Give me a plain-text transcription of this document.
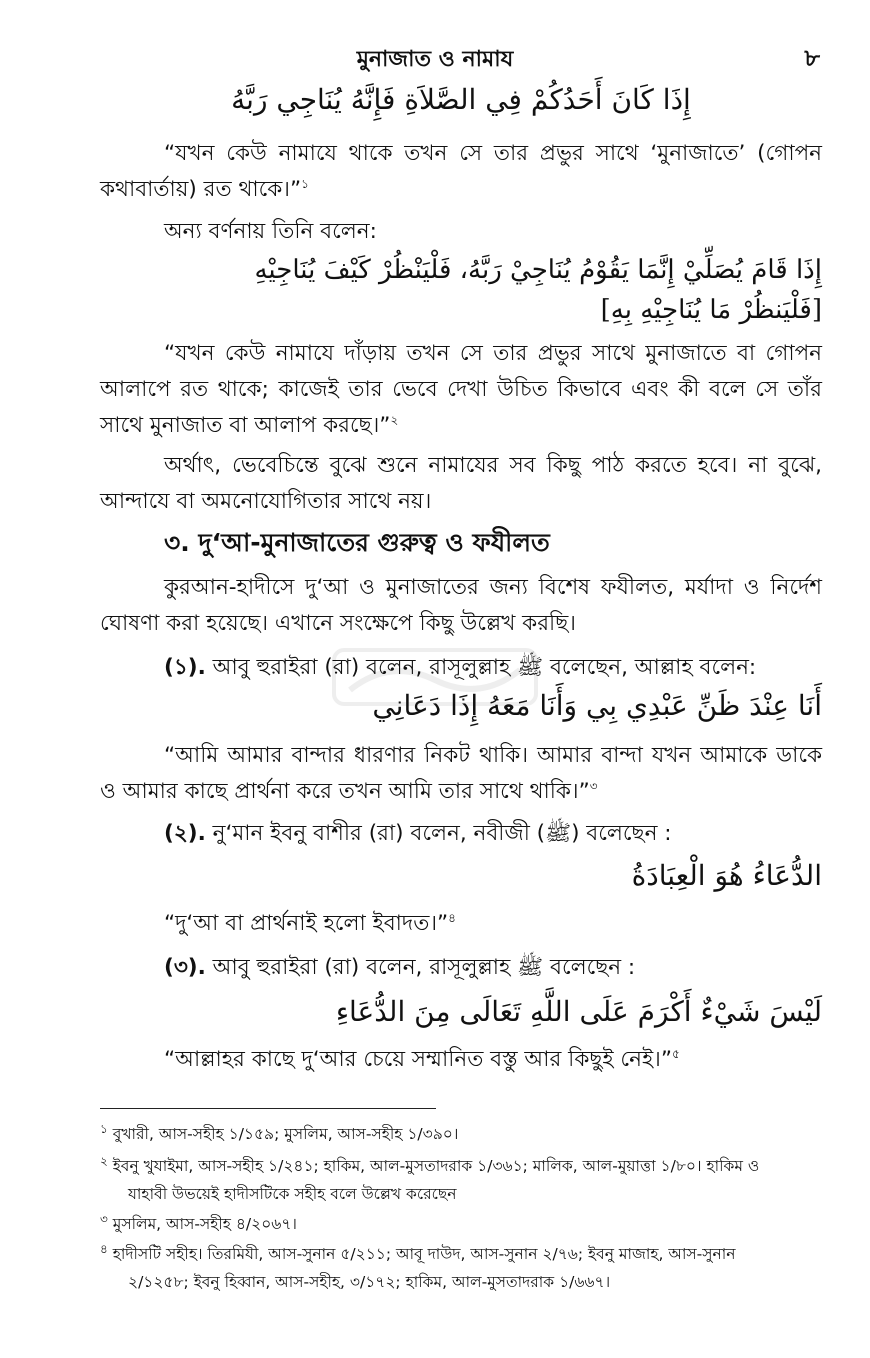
মুনাজাত ও নামায	৮

إِذَا كَانَ أَحَدُكُمْ فِي الصَّلاَةِ فَإِنَّهُ يُنَاجِي رَبَّهُ

“যখন কেউ নামাযে থাকে তখন সে তার প্রভুর সাথে ‘মুনাজাতে’ (গোপন কথাবার্তায়) রত থাকে।”$^১$

অন্য বর্ণনায় তিনি বলেন:

إِذَا قَامَ يُصَلِّيْ إِنَّمَا يَقُوْمُ يُنَاجِيْ رَبَّهُ، فَلْيَنْظُرْ كَيْفَ يُنَاجِيْهِ

[فَلْيَنظُرْ مَا يُنَاجِيْهِ بِهِ]

“যখন কেউ নামাযে দাঁড়ায় তখন সে তার প্রভুর সাথে মুনাজাতে বা গোপন আলাপে রত থাকে; কাজেই তার ভেবে দেখা উচিত কিভাবে এবং কী বলে সে তাঁর সাথে মুনাজাত বা আলাপ করছে।”$^২$

অর্থাৎ, ভেবেচিন্তে বুঝে শুনে নামাযের সব কিছু পাঠ করতে হবে। না বুঝে, আন্দাযে বা অমনোযোগিতার সাথে নয়।

৩. দু‘আ-মুনাজাতের গুরুত্ব ও ফযীলত

কুরআন-হাদীসে দু‘আ ও মুনাজাতের জন্য বিশেষ ফযীলত, মর্যাদা ও নির্দেশ ঘোষণা করা হয়েছে। এখানে সংক্ষেপে কিছু উল্লেখ করছি।

(১). আবু হুরাইরা (রা) বলেন, রাসূলুল্লাহ ﷺ বলেছেন, আল্লাহ বলেন:

أَنَا عِنْدَ ظَنِّ عَبْدِي بِي وَأَنَا مَعَهُ إِذَا دَعَانِي

“আমি আমার বান্দার ধারণার নিকট থাকি। আমার বান্দা যখন আমাকে ডাকে ও আমার কাছে প্রার্থনা করে তখন আমি তার সাথে থাকি।”$^৩$

(২). নু‘মান ইবনু বাশীর (রা) বলেন, নবীজী (ﷺ) বলেছেন :

الدُّعَاءُ هُوَ الْعِبَادَةُ

“দু‘আ বা প্রার্থনাই হলো ইবাদত।”$^৪$

(৩). আবু হুরাইরা (রা) বলেন, রাসূলুল্লাহ ﷺ বলেছেন :

لَيْسَ شَيْءٌ أَكْرَمَ عَلَى اللَّهِ تَعَالَى مِنَ الدُّعَاءِ

“আল্লাহর কাছে দু‘আর চেয়ে সম্মানিত বস্তু আর কিছুই নেই।”$^৫$

$^১$ বুখারী, আস-সহীহ ১/১৫৯; মুসলিম, আস-সহীহ ১/৩৯০।

$^২$ ইবনু খুযাইমা, আস-সহীহ ১/২৪১; হাকিম, আল-মুসতাদরাক ১/৩৬১; মালিক, আল-মুয়াত্তা ১/৮০। হাকিম ও
যাহাবী উভয়েই হাদীসটিকে সহীহ বলে উল্লেখ করেছেন

$^৩$ মুসলিম, আস-সহীহ ৪/২০৬৭।

$^৪$ হাদীসটি সহীহ। তিরমিযী, আস-সুনান ৫/২১১; আবূ দাউদ, আস-সুনান ২/৭৬; ইবনু মাজাহ, আস-সুনান
২/১২৫৮; ইবনু হিব্বান, আস-সহীহ, ৩/১৭২; হাকিম, আল-মুসতাদরাক ১/৬৬৭।
